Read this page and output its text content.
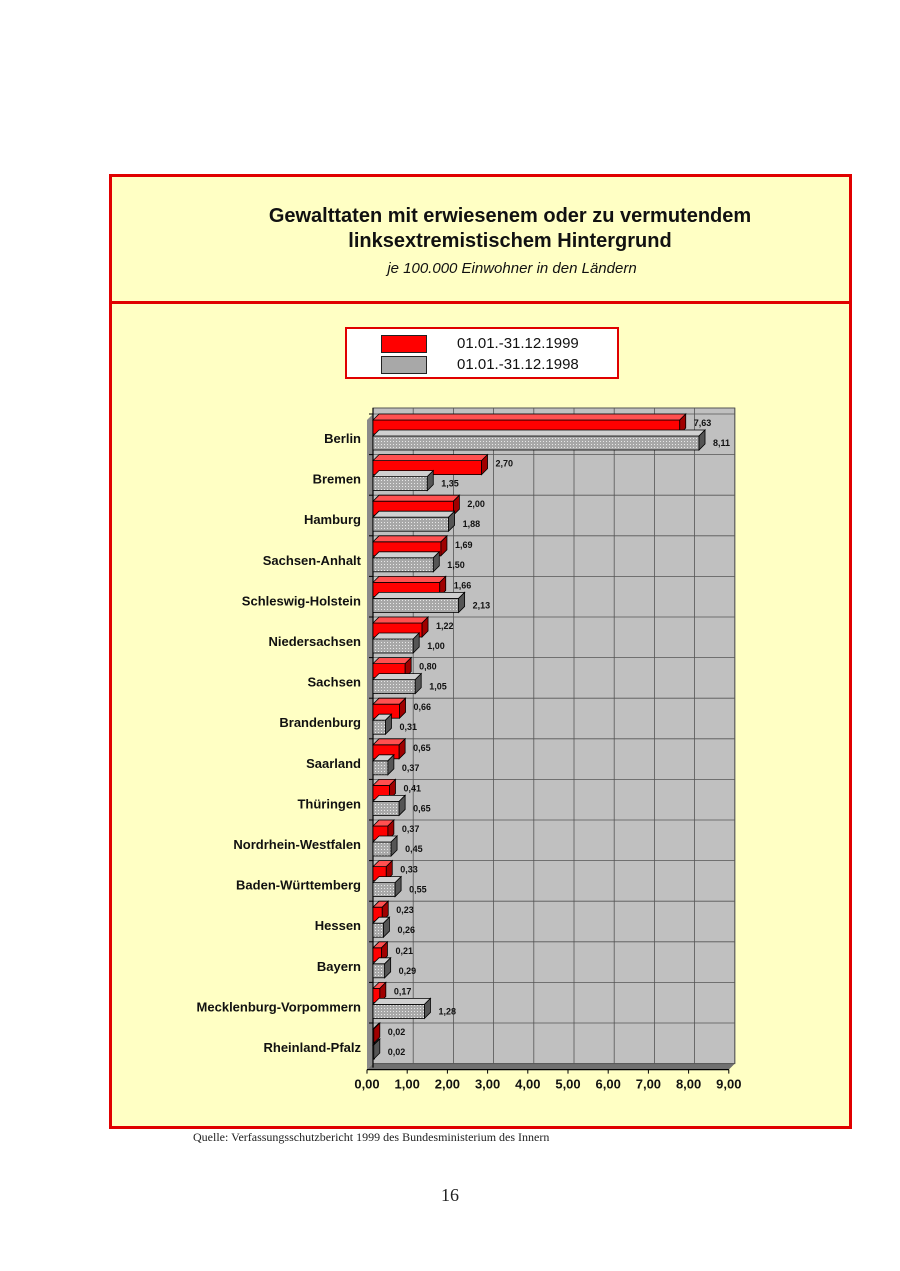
Gewalttaten mit erwiesenem oder zu vermutendem
linksextremistischem Hintergrund
je 100.000 Einwohner in den Ländern
01.01.-31.12.1999
01.01.-31.12.1998
7,63
8,11
Berlin
2,70
1,35
Bremen
2,00
1,88
Hamburg
1,69
1,50
Sachsen-Anhalt
1,66
2,13
Schleswig-Holstein
1,22
1,00
Niedersachsen
0,80
1,05
Sachsen
0,66
0,31
Brandenburg
0,65
0,37
Saarland
0,41
0,65
Thüringen
0,37
0,45
Nordrhein-Westfalen
0,33
0,55
Baden-Württemberg
0,23
0,26
Hessen
0,21
0,29
Bayern
0,17
1,28
Mecklenburg-Vorpommern
0,02
0,02
Rheinland-Pfalz
0,00 1,00 2,00 3,00 4,00 5,00 6,00 7,00 8,00 9,00
Quelle: Verfassungsschutzbericht 1999 des Bundesministerium des Innern
16
